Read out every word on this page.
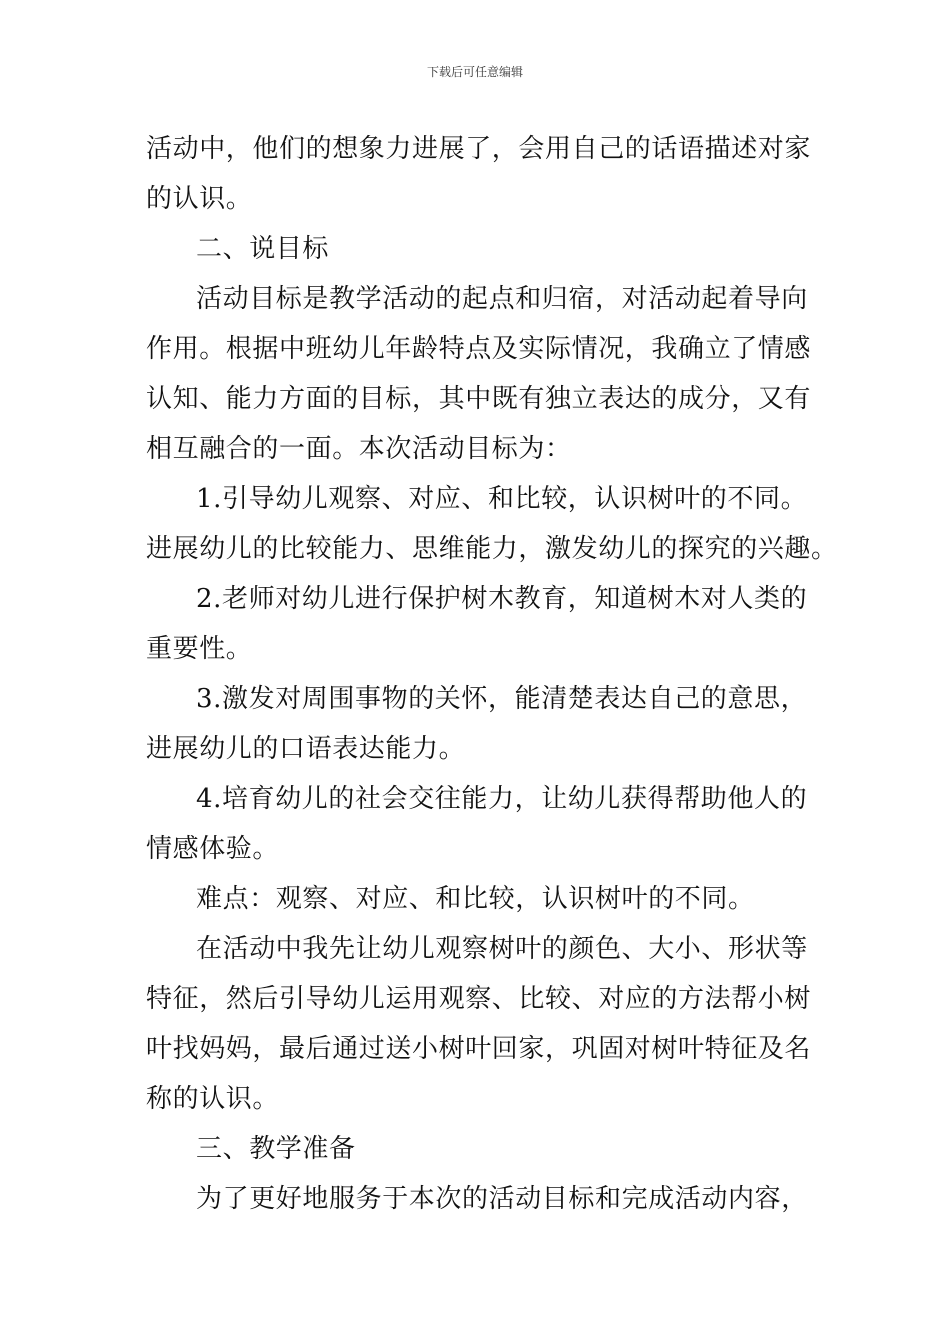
下载后可任意编辑
活动中，他们的想象力进展了，会用自己的话语描述对家
的认识。
二、说目标
活动目标是教学活动的起点和归宿，对活动起着导向
作用。根据中班幼儿年龄特点及实际情况，我确立了情感
认知、能力方面的目标，其中既有独立表达的成分，又有
相互融合的一面。本次活动目标为：
1.引导幼儿观察、对应、和比较，认识树叶的不同。
进展幼儿的比较能力、思维能力，激发幼儿的探究的兴趣。
2.老师对幼儿进行保护树木教育，知道树木对人类的
重要性。
3.激发对周围事物的关怀，能清楚表达自己的意思，
进展幼儿的口语表达能力。
4.培育幼儿的社会交往能力，让幼儿获得帮助他人的
情感体验。
难点：观察、对应、和比较，认识树叶的不同。
在活动中我先让幼儿观察树叶的颜色、大小、形状等
特征，然后引导幼儿运用观察、比较、对应的方法帮小树
叶找妈妈，最后通过送小树叶回家，巩固对树叶特征及名
称的认识。
三、教学准备
为了更好地服务于本次的活动目标和完成活动内容，
